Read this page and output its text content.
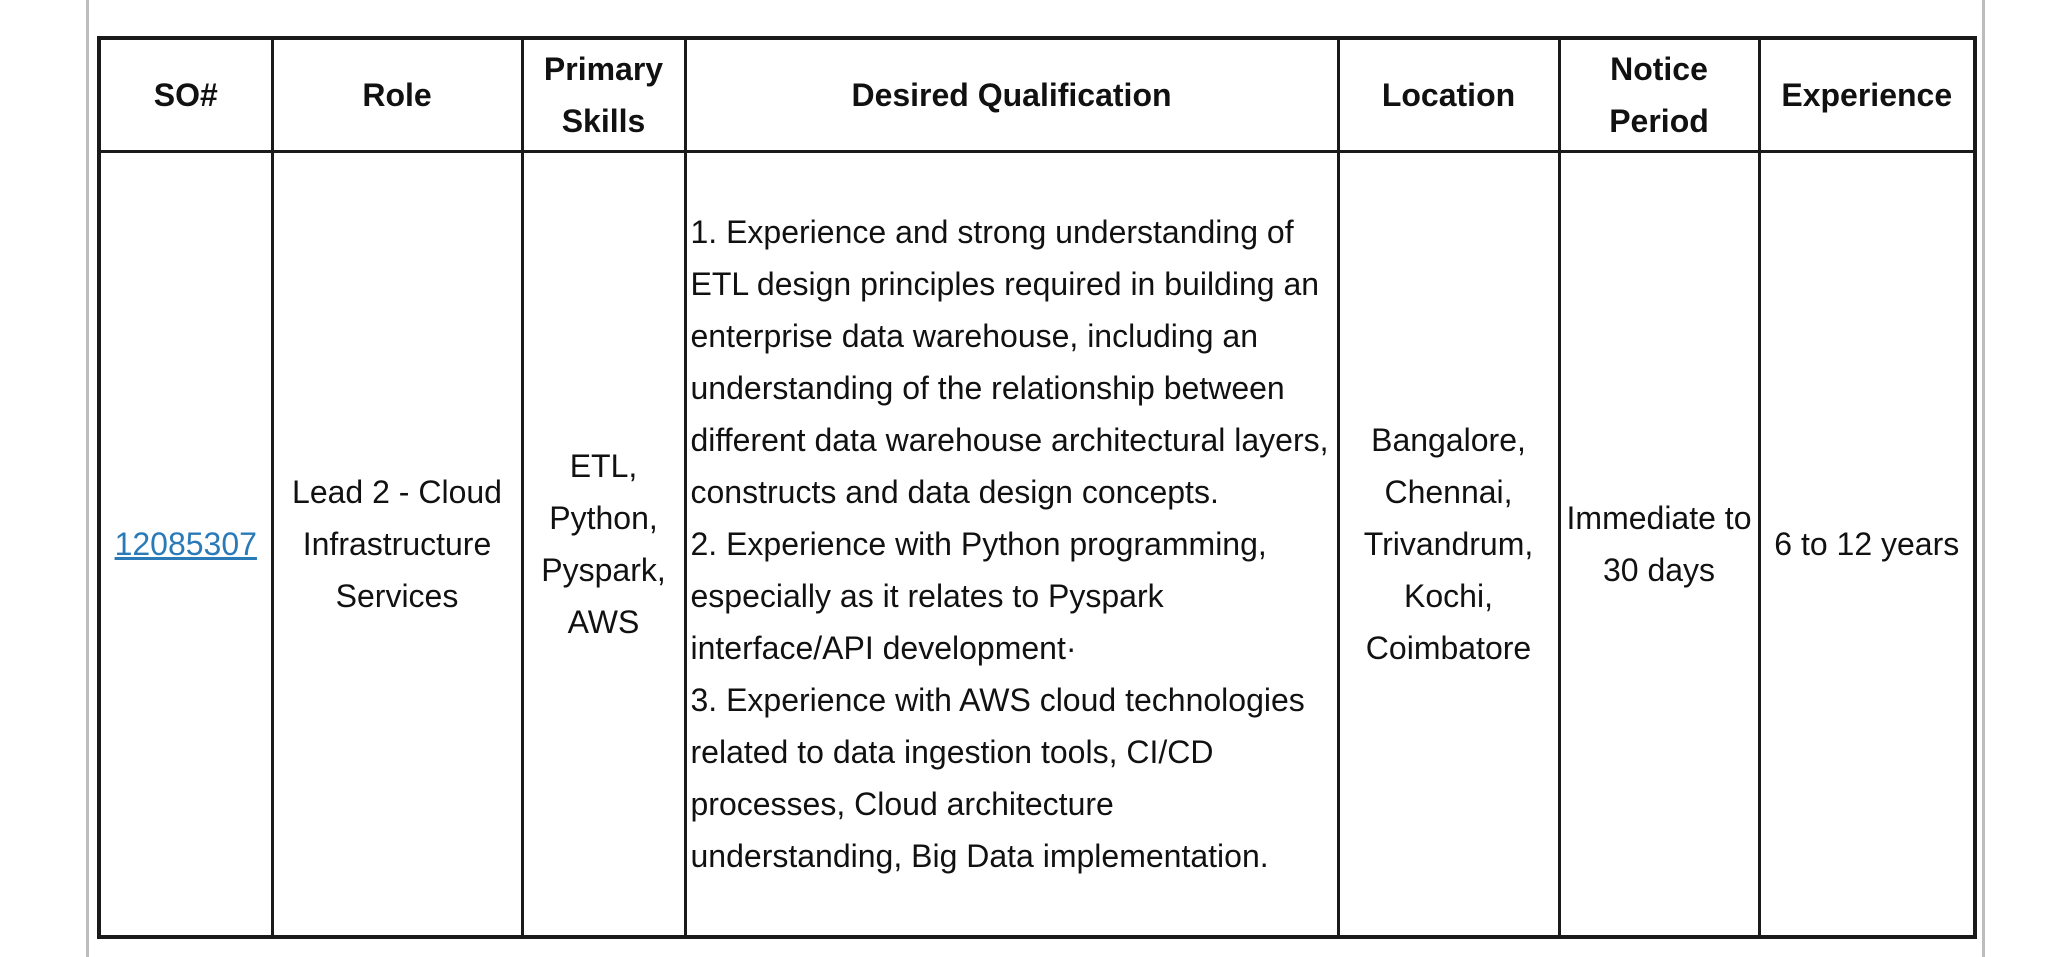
SO#	Role	Primary Skills	Desired Qualification	Location	Notice Period	Experience
12085307	Lead 2 - Cloud Infrastructure Services	ETL, Python, Pyspark, AWS	1. Experience and strong understanding of ETL design principles required in building an enterprise data warehouse, including an understanding of the relationship between different data warehouse architectural layers, constructs and data design concepts.
2. Experience with Python programming, especially as it relates to Pyspark interface/API development·
3. Experience with AWS cloud technologies related to data ingestion tools, CI/CD processes, Cloud architecture understanding, Big Data implementation.	Bangalore, Chennai, Trivandrum, Kochi, Coimbatore	Immediate to 30 days	6 to 12 years
